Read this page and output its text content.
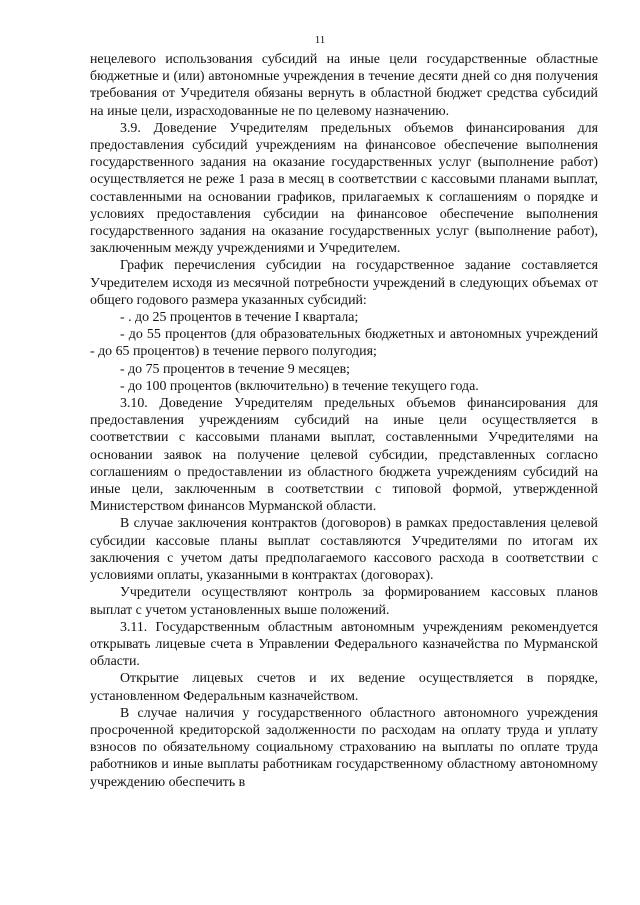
11

нецелевого использования субсидий на иные цели государственные областные бюджетные и (или) автономные учреждения в течение десяти дней со дня получения требования от Учредителя обязаны вернуть в областной бюджет средства субсидий на иные цели, израсходованные не по целевому назначению.

3.9. Доведение Учредителям предельных объемов финансирования для предоставления субсидий учреждениям на финансовое обеспечение выполнения государственного задания на оказание государственных услуг (выполнение работ) осуществляется не реже 1 раза в месяц в соответствии с кассовыми планами выплат, составленными на основании графиков, прилагаемых к соглашениям о порядке и условиях предоставления субсидии на финансовое обеспечение выполнения государственного задания на оказание государственных услуг (выполнение работ), заключенным между учреждениями и Учредителем.

График перечисления субсидии на государственное задание составляется Учредителем исходя из месячной потребности учреждений в следующих объемах от общего годового размера указанных субсидий:

- . до 25 процентов в течение I квартала;

- до 55 процентов (для образовательных бюджетных и автономных учреждений - до 65 процентов) в течение первого полугодия;

- до 75 процентов в течение 9 месяцев;

- до 100 процентов (включительно) в течение текущего года.

3.10. Доведение Учредителям предельных объемов финансирования для предоставления учреждениям субсидий на иные цели осуществляется в соответствии с кассовыми планами выплат, составленными Учредителями на основании заявок на получение целевой субсидии, представленных согласно соглашениям о предоставлении из областного бюджета учреждениям субсидий на иные цели, заключенным в соответствии с типовой формой, утвержденной Министерством финансов Мурманской области.

В случае заключения контрактов (договоров) в рамках предоставления целевой субсидии кассовые планы выплат составляются Учредителями по итогам их заключения с учетом даты предполагаемого кассового расхода в соответствии с условиями оплаты, указанными в контрактах (договорах).

Учредители осуществляют контроль за формированием кассовых планов выплат с учетом установленных выше положений.

3.11. Государственным областным автономным учреждениям рекомендуется открывать лицевые счета в Управлении Федерального казначейства по Мурманской области.

Открытие лицевых счетов и их ведение осуществляется в порядке, установленном Федеральным казначейством.

В случае наличия у государственного областного автономного учреждения просроченной кредиторской задолженности по расходам на оплату труда и уплату взносов по обязательному социальному страхованию на выплаты по оплате труда работников и иные выплаты работникам государственному областному автономному учреждению обеспечить в
